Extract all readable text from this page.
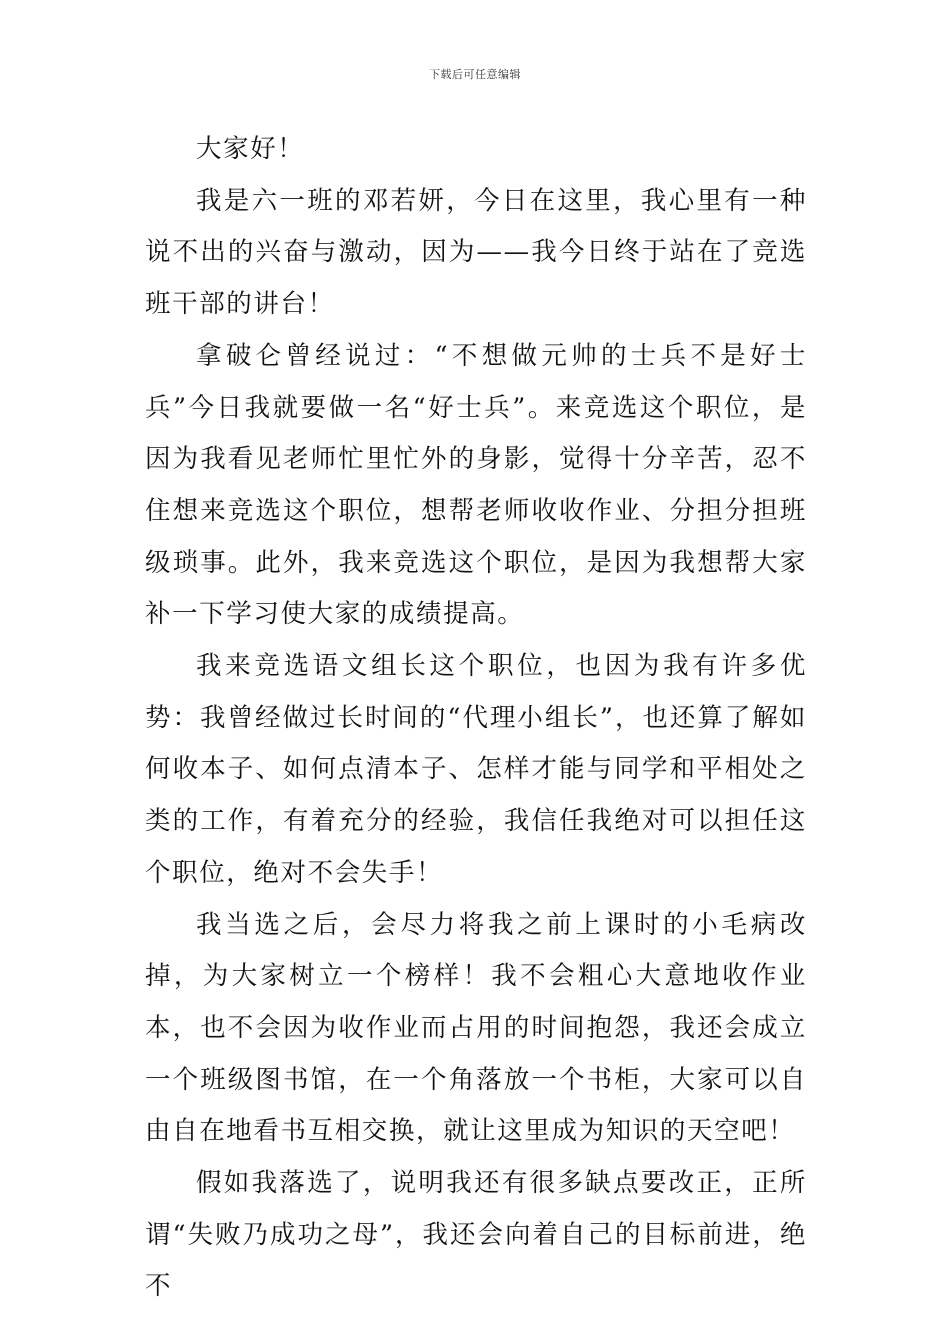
下载后可任意编辑

大家好！

我是六一班的邓若妍，今日在这里，我心里有一种说不出的兴奋与激动，因为——我今日终于站在了竞选班干部的讲台！

拿破仑曾经说过：“不想做元帅的士兵不是好士兵”今日我就要做一名“好士兵”。来竞选这个职位，是因为我看见老师忙里忙外的身影，觉得十分辛苦，忍不住想来竞选这个职位，想帮老师收收作业、分担分担班级琐事。此外，我来竞选这个职位，是因为我想帮大家补一下学习使大家的成绩提高。

我来竞选语文组长这个职位，也因为我有许多优势：我曾经做过长时间的“代理小组长”，也还算了解如何收本子、如何点清本子、怎样才能与同学和平相处之类的工作，有着充分的经验，我信任我绝对可以担任这个职位，绝对不会失手！

我当选之后，会尽力将我之前上课时的小毛病改掉，为大家树立一个榜样！我不会粗心大意地收作业本，也不会因为收作业而占用的时间抱怨，我还会成立一个班级图书馆，在一个角落放一个书柜，大家可以自由自在地看书互相交换，就让这里成为知识的天空吧！

假如我落选了，说明我还有很多缺点要改正，正所谓“失败乃成功之母”，我还会向着自己的目标前进，绝不
